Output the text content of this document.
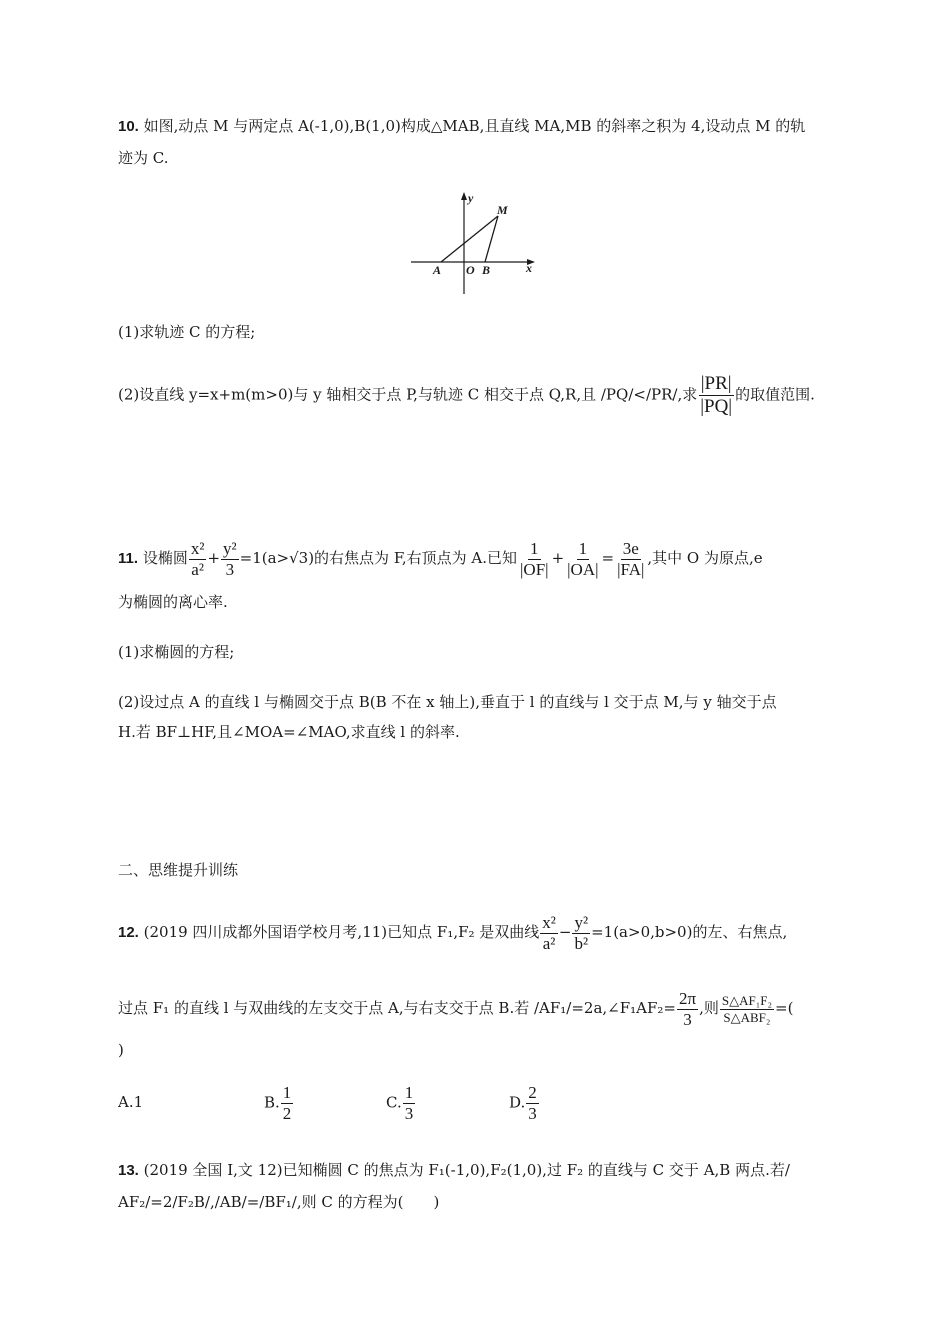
10. 如图,动点 M 与两定点 A(-1,0),B(1,0)构成△MAB,且直线 MA,MB 的斜率之积为 4,设动点 M 的轨
迹为 C.
y
M
x
A O B
(1)求轨迹 C 的方程;
(2)设直线 y=x+m(m>0)与 y 轴相交于点 P,与轨迹 C 相交于点 Q,R,且 /PQ/</PR/,求 $\frac{|PR|}{|PQ|}$ 的取值范围.
11. 设椭圆 $\frac{\text{x²}}{\text{a²}} + \frac{\text{y²}}{3} =1(a>√3)$的右焦点为 F,右顶点为 A.已知 $\frac{1}{|OF|} + \frac{1}{|OA|} = \frac{3e}{|FA|}$ ,其中 O 为原点,e
为椭圆的离心率.
(1)求椭圆的方程;
(2)设过点 A 的直线 l 与椭圆交于点 B(B 不在 x 轴上),垂直于 l 的直线与 l 交于点 M,与 y 轴交于点
H.若 BF⊥HF,且∠MOA=∠MAO,求直线 l 的斜率.
二、思维提升训练
12. (2019 四川成都外国语学校月考,11)已知点 F₁,F₂ 是双曲线 $\frac{\text{x²}}{\text{a²}} - \frac{\text{y²}}{\text{b²}} =1(a>0,b>0)$的左、右焦点,
过点 F₁ 的直线 l 与双曲线的左支交于点 A,与右支交于点 B.若 /AF₁/=2a,∠F₁AF₂= $\frac{2\pi}{3}$ ,则 $\frac{\text{S△AF₁F₂}}{\text{S△ABF₂}}$ =(
)
A.1	B. $\frac{1}{2}$	C. $\frac{1}{3}$	D. $\frac{2}{3}$
13. (2019 全国 Ⅰ,文 12)已知椭圆 C 的焦点为 F₁(-1,0),F₂(1,0),过 F₂ 的直线与 C 交于 A,B 两点.若/
AF₂/=2/F₂B/,/AB/=/BF₁/,则 C 的方程为(　　)
